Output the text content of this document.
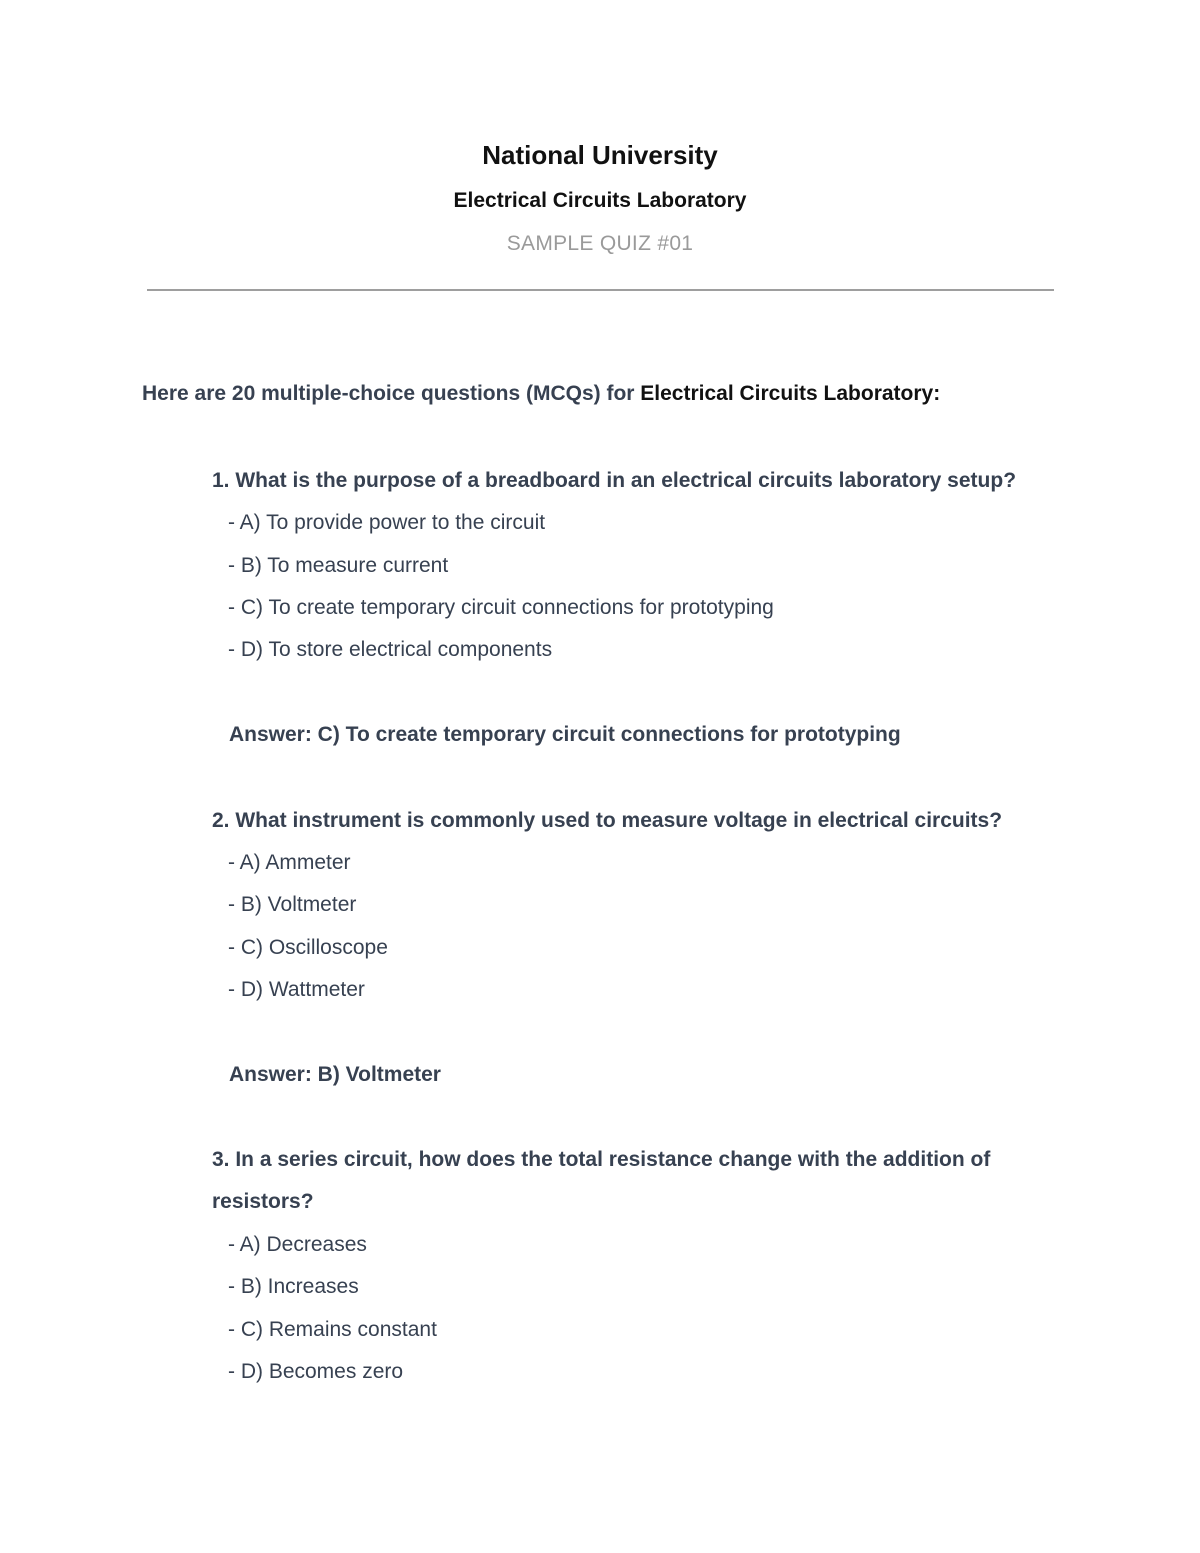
National University
Electrical Circuits Laboratory
SAMPLE QUIZ #01
Here are 20 multiple-choice questions (MCQs) for Electrical Circuits Laboratory:
1. What is the purpose of a breadboard in an electrical circuits laboratory setup?
- A) To provide power to the circuit
- B) To measure current
- C) To create temporary circuit connections for prototyping
- D) To store electrical components
Answer: C) To create temporary circuit connections for prototyping
2. What instrument is commonly used to measure voltage in electrical circuits?
- A) Ammeter
- B) Voltmeter
- C) Oscilloscope
- D) Wattmeter
Answer: B) Voltmeter
3. In a series circuit, how does the total resistance change with the addition of
resistors?
- A) Decreases
- B) Increases
- C) Remains constant
- D) Becomes zero
